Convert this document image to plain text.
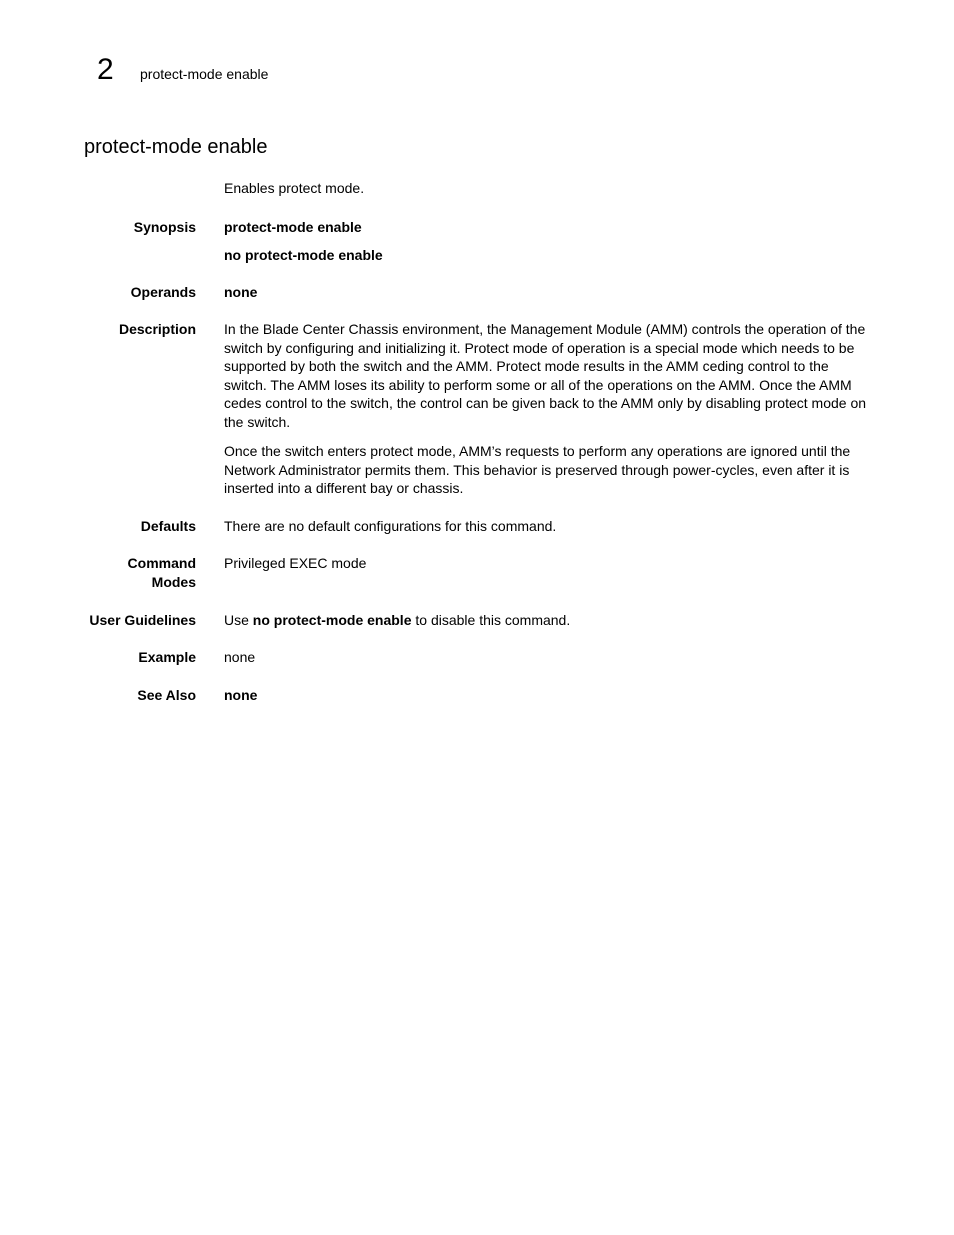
2 protect-mode enable
protect-mode enable

Enables protect mode.

Synopsis protect-mode enable

no protect-mode enable

Operands none

Description In the Blade Center Chassis environment, the Management Module (AMM) controls the operation of the switch by configuring and initializing it. Protect mode of operation is a special mode which needs to be supported by both the switch and the AMM. Protect mode results in the AMM ceding control to the switch. The AMM loses its ability to perform some or all of the operations on the AMM. Once the AMM cedes control to the switch, the control can be given back to the AMM only by disabling protect mode on the switch.

Once the switch enters protect mode, AMM’s requests to perform any operations are ignored until the Network Administrator permits them. This behavior is preserved through power-cycles, even after it is inserted into a different bay or chassis.

Defaults There are no default configurations for this command.

Command
Modes

Privileged EXEC mode

User Guidelines Use no protect-mode enable to disable this command.

Example none

See Also none
